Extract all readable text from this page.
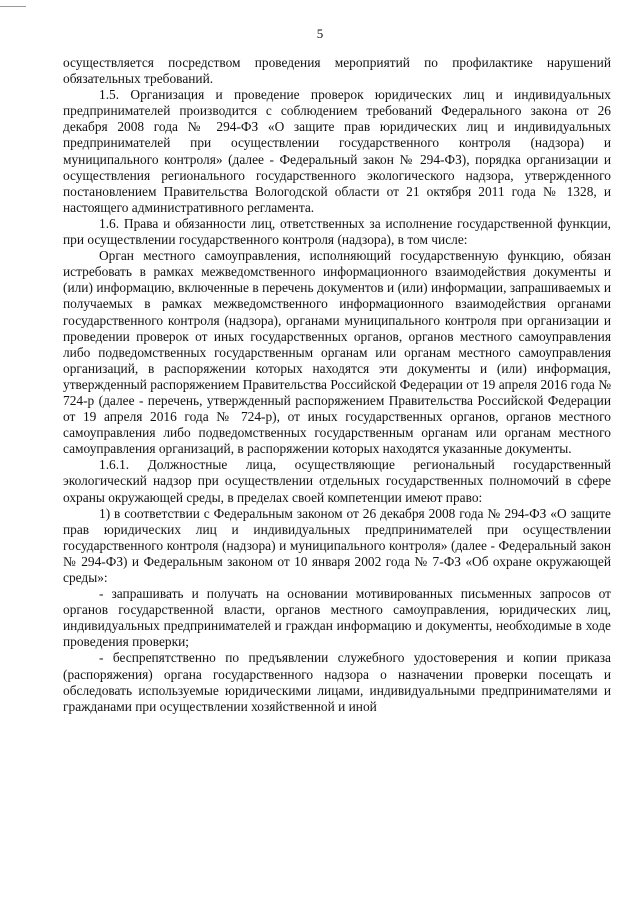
5

осуществляется посредством проведения мероприятий по профилактике нарушений обязательных требований.

1.5. Организация и проведение проверок юридических лиц и индивидуальных предпринимателей производится с соблюдением требований Федерального закона от 26 декабря 2008 года № 294-ФЗ «О защите прав юридических лиц и индивидуальных предпринимателей при осуществлении государственного контроля (надзора) и муниципального контроля» (далее - Федеральный закон № 294-ФЗ), порядка организации и осуществления регионального государственного экологического надзора, утвержденного постановлением Правительства Вологодской области от 21 октября 2011 года № 1328, и настоящего административного регламента.

1.6. Права и обязанности лиц, ответственных за исполнение государственной функции, при осуществлении государственного контроля (надзора), в том числе:

Орган местного самоуправления, исполняющий государственную функцию, обязан истребовать в рамках межведомственного информационного взаимодействия документы и (или) информацию, включенные в перечень документов и (или) информации, запрашиваемых и получаемых в рамках межведомственного информационного взаимодействия органами государственного контроля (надзора), органами муниципального контроля при организации и проведении проверок от иных государственных органов, органов местного самоуправления либо подведомственных государственным органам или органам местного самоуправления организаций, в распоряжении которых находятся эти документы и (или) информация, утвержденный распоряжением Правительства Российской Федерации от 19 апреля 2016 года № 724-р (далее - перечень, утвержденный распоряжением Правительства Российской Федерации от 19 апреля 2016 года № 724-р), от иных государственных органов, органов местного самоуправления либо подведомственных государственным органам или органам местного самоуправления организаций, в распоряжении которых находятся указанные документы.

1.6.1. Должностные лица, осуществляющие региональный государственный экологический надзор при осуществлении отдельных государственных полномочий в сфере охраны окружающей среды, в пределах своей компетенции имеют право:

1) в соответствии с Федеральным законом от 26 декабря 2008 года № 294-ФЗ «О защите прав юридических лиц и индивидуальных предпринимателей при осуществлении государственного контроля (надзора) и муниципального контроля» (далее - Федеральный закон № 294-ФЗ) и Федеральным законом от 10 января 2002 года № 7-ФЗ «Об охране окружающей среды»:

- запрашивать и получать на основании мотивированных письменных запросов от органов государственной власти, органов местного самоуправления, юридических лиц, индивидуальных предпринимателей и граждан информацию и документы, необходимые в ходе проведения проверки;

- беспрепятственно по предъявлении служебного удостоверения и копии приказа (распоряжения) органа государственного надзора о назначении проверки посещать и обследовать используемые юридическими лицами, индивидуальными предпринимателями и гражданами при осуществлении хозяйственной и иной
